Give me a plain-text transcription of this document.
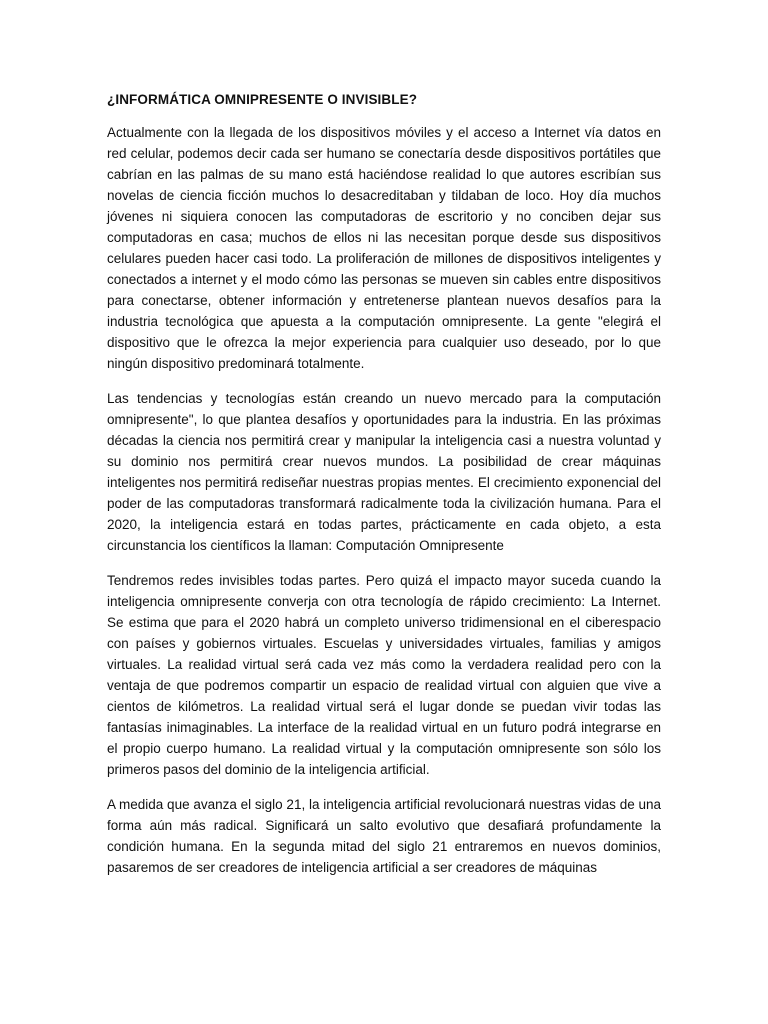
¿INFORMÁTICA OMNIPRESENTE O INVISIBLE?

Actualmente con la llegada de los dispositivos móviles y el acceso a Internet vía datos en red celular, podemos decir cada ser humano se conectaría desde dispositivos portátiles que cabrían en las palmas de su mano está haciéndose realidad lo que autores escribían sus novelas de ciencia ficción muchos lo desacreditaban y tildaban de loco. Hoy día muchos jóvenes ni siquiera conocen las computadoras de escritorio y no conciben dejar sus computadoras en casa; muchos de ellos ni las necesitan porque desde sus dispositivos celulares pueden hacer casi todo. La proliferación de millones de dispositivos inteligentes y conectados a internet y el modo cómo las personas se mueven sin cables entre dispositivos para conectarse, obtener información y entretenerse plantean nuevos desafíos para la industria tecnológica que apuesta a la computación omnipresente. La gente "elegirá el dispositivo que le ofrezca la mejor experiencia para cualquier uso deseado, por lo que ningún dispositivo predominará totalmente.

Las tendencias y tecnologías están creando un nuevo mercado para la computación omnipresente", lo que plantea desafíos y oportunidades para la industria. En las próximas décadas la ciencia nos permitirá crear y manipular la inteligencia casi a nuestra voluntad y su dominio nos permitirá crear nuevos mundos. La posibilidad de crear máquinas inteligentes nos permitirá rediseñar nuestras propias mentes. El crecimiento exponencial del poder de las computadoras transformará radicalmente toda la civilización humana. Para el 2020, la inteligencia estará en todas partes, prácticamente en cada objeto, a esta circunstancia los científicos la llaman: Computación Omnipresente

Tendremos redes invisibles todas partes. Pero quizá el impacto mayor suceda cuando la inteligencia omnipresente converja con otra tecnología de rápido crecimiento: La Internet. Se estima que para el 2020 habrá un completo universo tridimensional en el ciberespacio con países y gobiernos virtuales. Escuelas y universidades virtuales, familias y amigos virtuales. La realidad virtual será cada vez más como la verdadera realidad pero con la ventaja de que podremos compartir un espacio de realidad virtual con alguien que vive a cientos de kilómetros. La realidad virtual será el lugar donde se puedan vivir todas las fantasías inimaginables. La interface de la realidad virtual en un futuro podrá integrarse en el propio cuerpo humano. La realidad virtual y la computación omnipresente son sólo los primeros pasos del dominio de la inteligencia artificial.

A medida que avanza el siglo 21, la inteligencia artificial revolucionará nuestras vidas de una forma aún más radical. Significará un salto evolutivo que desafiará profundamente la condición humana. En la segunda mitad del siglo 21 entraremos en nuevos dominios, pasaremos de ser creadores de inteligencia artificial a ser creadores de máquinas
